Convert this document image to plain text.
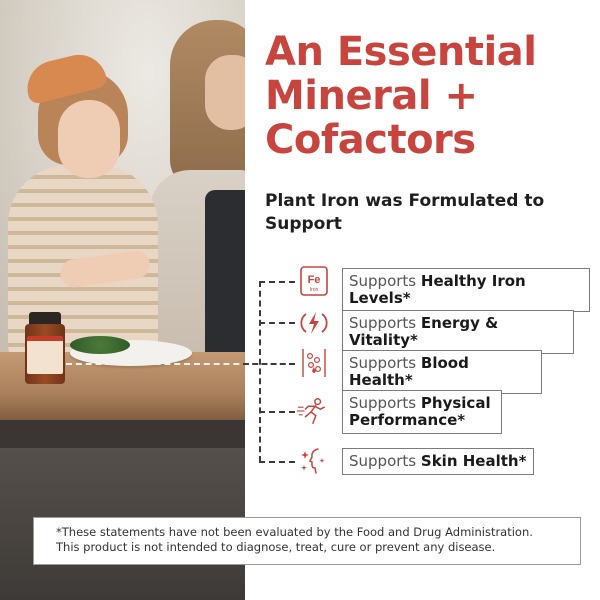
An Essential
Mineral +
Cofactors
Plant Iron was Formulated to Support
Fe
Iron	Supports Healthy Iron Levels*
Supports Energy & Vitality*
Supports Blood Health*
Supports Physical Performance*
Supports Skin Health*
*These statements have not been evaluated by the Food and Drug Administration. This product is not intended to diagnose, treat, cure or prevent any disease.
